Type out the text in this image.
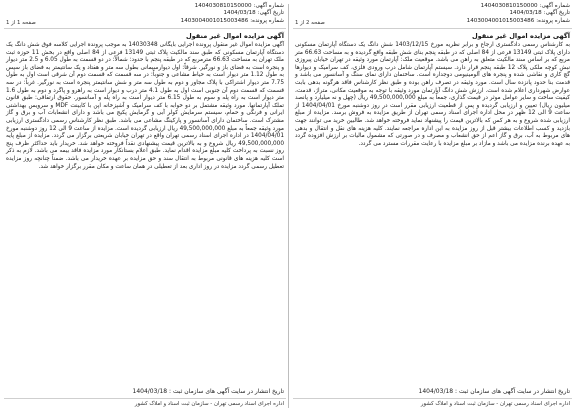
شماره آگهی:1404030810150000
تاریخ آگهی:1404/03/18
شماره پرونده:1403004001015003486
صفحه 2 از 1
آگهی مزایده اموال غیر منقول
به کارشناس رسمی دادگستری ارجاع و برابر نظریه مورخ 1403/12/15 شش دانگ یک دستگاه آپارتمان مسکونی دارای پلاک ثبتی 13149 فرعی از 84 اصلی که در طبقه پنجم بنای شش طبقه واقع گردیده و به مساحت 66.63 متر مربع که بر اساس سند مالکیت متعلق به راهن می باشد. موقعیت ملک: آپارتمان مورد وثیقه در تهران خیابان پیروزی نبش کوچه ملکی پلاک 12 طبقه پنجم قرار دارد. سیستم آپارتمان شامل درب ورودی فلزی، کف سرامیک و دیوارها گچ کاری و نقاشی شده و پنجره های آلومینیومی دوجداره است. ساختمان دارای نمای سنگ و آسانسور می باشد و قدمت بنا حدود پانزده سال است. مورد وثیقه در تصرف راهن بوده و طبق نظر کارشناس فاقد هرگونه بدهی بابت عوارض شهرداری اعلام شده است. ارزش شش دانگ آپارتمان مورد وثیقه با توجه به موقعیت مکانی، متراژ، قدمت، کیفیت ساخت و سایر عوامل موثر در قیمت گذاری، جمعاً به مبلغ 49,500,000,000 ریال (چهل و نه میلیارد و پانصد میلیون ریال) تعیین و ارزیابی گردیده و پس از قطعیت ارزیابی مقرر است در روز دوشنبه مورخ 1404/04/01 از ساعت 9 الی 12 ظهر در محل اداره اجرای اسناد رسمی تهران از طریق مزایده به فروش برسد. مزایده از مبلغ ارزیابی شده شروع و به هر کس که بالاترین قیمت را پیشنهاد نماید فروخته خواهد شد. طالبین خرید می توانند جهت بازدید و کسب اطلاعات بیشتر قبل از روز مزایده به این اداره مراجعه نمایند. کلیه هزینه های نقل و انتقال و بدهی های مربوط به آب، برق و گاز اعم از حق انشعاب و مصرف و در صورتی که مشمول مالیات بر ارزش افزوده گردد به عهده برنده مزایده می باشد و مازاد بر مبلغ مزایده با رعایت مقررات مسترد می گردد.
تاریخ انتشار در سایت آگهی های سازمان ثبت : 1404/03/18
اداره اجرای اسناد رسمی تهران - سازمان ثبت اسناد و املاک کشور
شماره آگهی:1404030810150000
تاریخ آگهی:1404/03/18
شماره پرونده:1403004001015003486
صفحه 1 از 1
آگهی مزایده اموال غیر منقول
آگهی مزایده اموال غیر منقول پرونده اجرایی بایگانی 14030348 به موجب پرونده اجرایی کلاسه فوق شش دانگ یک دستگاه آپارتمان مسکونی که طبق سند مالکیت پلاک ثبتی 13149 فرعی از 84 اصلی واقع در بخش 11 حوزه ثبت ملک تهران به مساحت 66.63 مترمربع که در طبقه پنجم با حدود: شمالاً: در دو قسمت به طول 6.05 و 2.5 متر دیوار و پنجره است به فضای باز و نورگیر. شرقاً: اول دیوارسیمانی بطول سه متر و هفتاد و یک سانتیمتر به فضای باز سپس به طول 1.12 متر دیوار است به حیاط مشاعی و جنوباً: در سه قسمت که قسمت دوم آن شرقی است اول به طول 7.75 متر دیوار اشتراکی با پلاک مجاور و دوم به طول سه متر و شش سانتیمتر پنجره است به نورگیر. غرباً: در سه قسمت که قسمت دوم آن جنوبی است اول به طول 4.1 متر درب و دیوار است به راهرو و پاگرد و دوم به طول 1.6 متر دیوار است به راه پله و سوم به طول 6.15 متر دیوار است به راه پله و آسانسور. حقوق ارتفاقی: طبق قانون تملک آپارتمانها. مورد وثیقه مشتمل بر دو خوابه با کف سرامیک و آشپزخانه اپن با کابینت MDF و سرویس بهداشتی ایرانی و فرنگی و حمام، سیستم سرمایش کولر آبی و گرمایش پکیج می باشد و دارای انشعابات آب و برق و گاز مشترک است. ساختمان دارای آسانسور و پارکینگ مشاعی می باشد. طبق نظر کارشناس رسمی دادگستری ارزیابی مورد وثیقه جمعاً به مبلغ 49,500,000,000 ریال ارزیابی گردیده است. مزایده از ساعت 9 الی 12 روز دوشنبه مورخ 1404/04/01 در اداره اجرای اسناد رسمی تهران واقع در تهران خیابان شریعتی برگزار می گردد. مزایده از مبلغ پایه 49,500,000,000 ریال شروع و به بالاترین قیمت پیشنهادی نقداً فروخته خواهد شد. خریدار باید حداکثر ظرف پنج روز نسبت به پرداخت کلیه مبلغ مزایده اقدام نماید. طبق اعلام بستانکار مورد مزایده فاقد بیمه می باشد. لازم به ذکر است کلیه هزینه های قانونی مربوط به انتقال سند و حق مزایده بر عهده خریدار می باشد. ضمناً چنانچه روز مزایده تعطیل رسمی گردد مزایده در روز اداری بعد از تعطیلی در همان ساعت و مکان مقرر برگزار خواهد شد.
تاریخ انتشار در سایت آگهی های سازمان ثبت : 1404/03/18
اداره اجرای اسناد رسمی تهران - سازمان ثبت اسناد و املاک کشور
